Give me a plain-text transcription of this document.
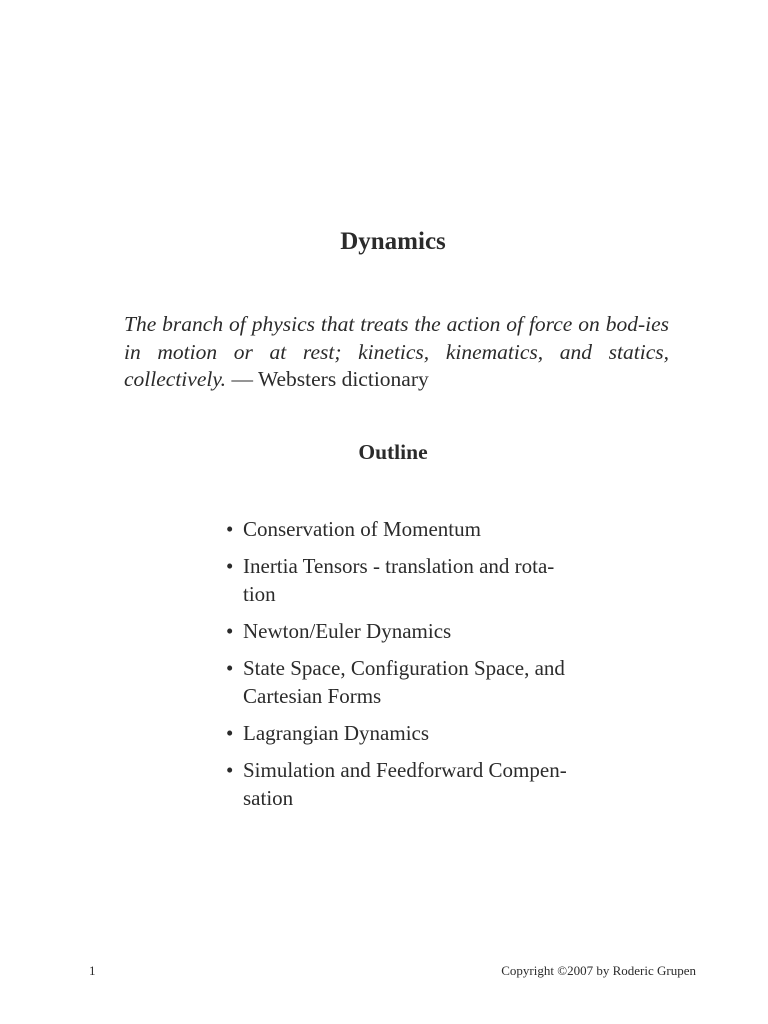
Dynamics

The branch of physics that treats the action of force on bod-ies in motion or at rest; kinetics, kinematics, and statics, collectively. — Websters dictionary

Outline
• Conservation of Momentum
• Inertia Tensors - translation and rota-tion
• Newton/Euler Dynamics
• State Space, Configuration Space, and Cartesian Forms
• Lagrangian Dynamics
• Simulation and Feedforward Compen-sation
1	Copyright ©2007 by Roderic Grupen
